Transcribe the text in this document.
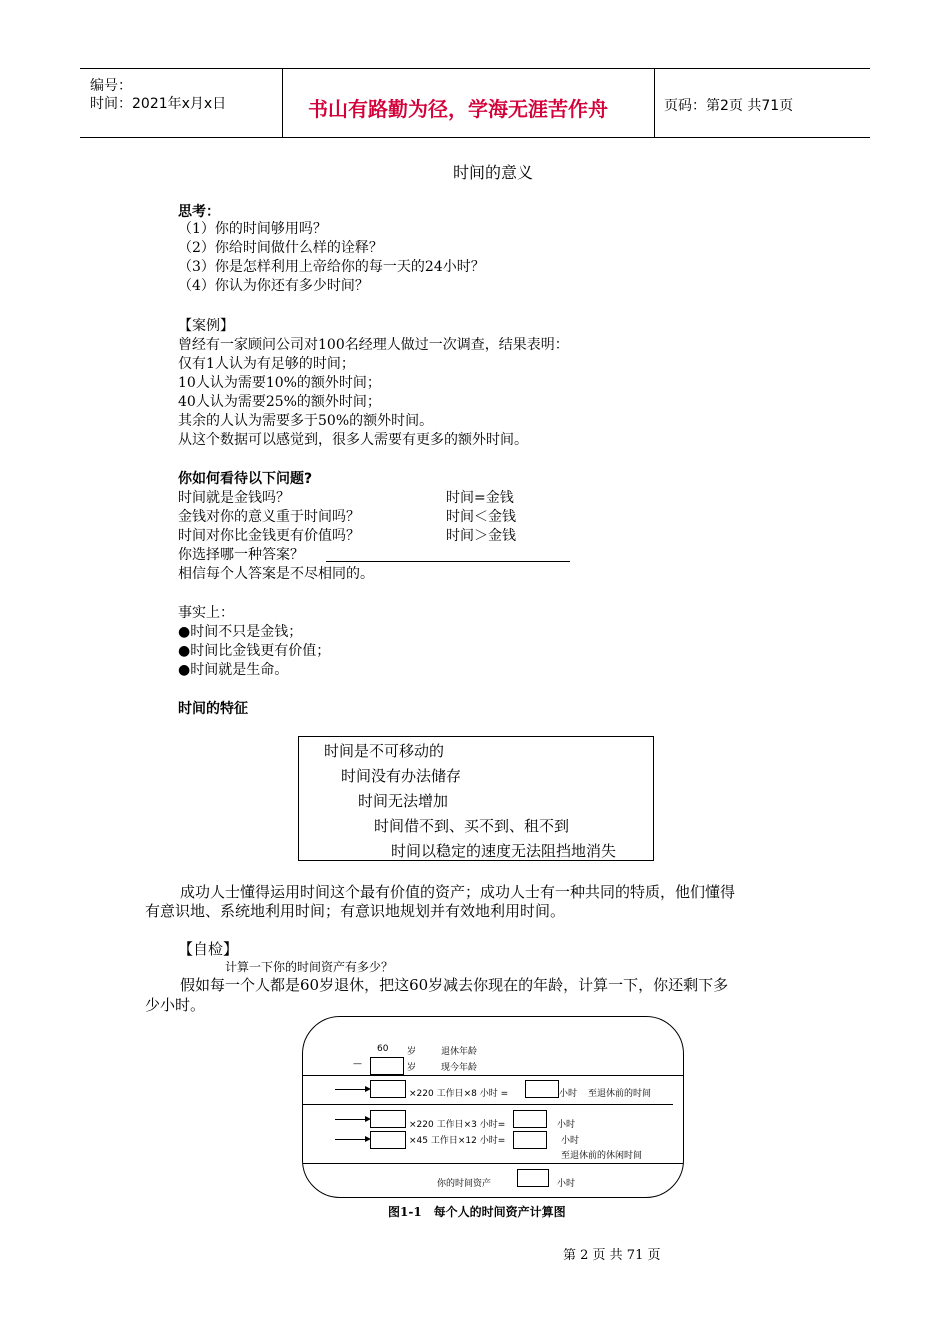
编号：
时间：2021年x月x日	书山有路勤为径，学海无涯苦作舟	页码：第2页 共71页
时间的意义
思考：
（1）你的时间够用吗？
（2）你给时间做什么样的诠释？
（3）你是怎样利用上帝给你的每一天的24小时？
（4）你认为你还有多少时间？
【案例】
曾经有一家顾问公司对100名经理人做过一次调查，结果表明：
仅有1人认为有足够的时间；
10人认为需要10%的额外时间；
40人认为需要25%的额外时间；
其余的人认为需要多于50%的额外时间。
从这个数据可以感觉到，很多人需要有更多的额外时间。
你如何看待以下问题?
时间就是金钱吗？	时间=金钱
金钱对你的意义重于时间吗？	时间＜金钱
时间对你比金钱更有价值吗？	时间＞金钱
你选择哪一种答案？
相信每个人答案是不尽相同的。
事实上：
●时间不只是金钱；
●时间比金钱更有价值；
●时间就是生命。
时间的特征
时间是不可移动的
时间没有办法储存
时间无法增加
时间借不到、买不到、租不到
时间以稳定的速度无法阻挡地消失
成功人士懂得运用时间这个最有价值的资产；成功人士有一种共同的特质，他们懂得
有意识地、系统地利用时间；有意识地规划并有效地利用时间。
【自检】
计算一下你的时间资产有多少？
假如每一个人都是60岁退休，把这60岁减去你现在的年龄，计算一下，你还剩下多
少小时。
60 岁	退休年龄
—	岁	现今年龄
×220 工作日×8 小时 =	小时 至退休前的时间
×220 工作日×3 小时=	小时
×45 工作日×12 小时=	小时
至退休前的休闲时间
你的时间资产	小时
图1-1　每个人的时间资产计算图
第 2 页 共 71 页
